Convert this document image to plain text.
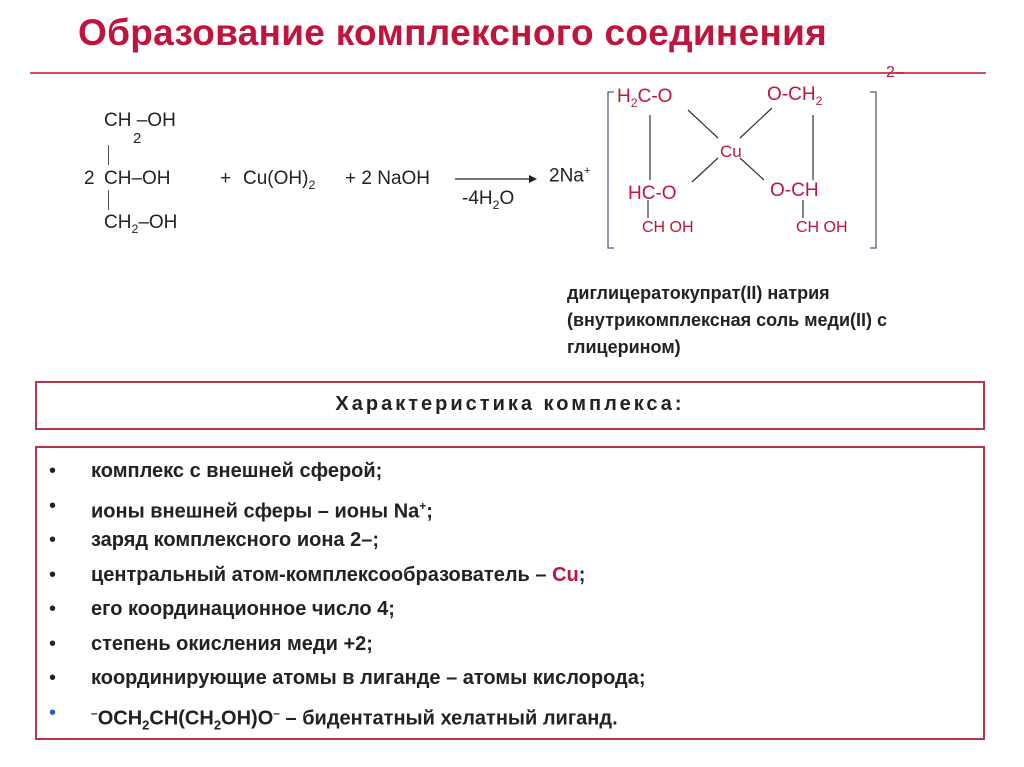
Образование комплексного соединения
CH –OH
2
2 CH–OH
$CH_2-OH$
+ $Cu(OH)_2 + 2$ NaOH
$-4H_2O$
2Na+
$H_2C-O$	$O-CH_2$
Cu
HC-O	O-CH
CH OH	CH OH
2–
диглицератокупрат(II) натрия
(внутрикомплексная соль меди(II) с
глицерином)
Характеристика комплекса:
• комплекс с внешней сферой;
• ионы внешней сферы – ионы Na+;
• заряд комплексного иона 2–;
• центральный атом-комплексообразователь – Cu;
• его координационное число 4;
• степень окисления меди +2;
• координирующие атомы в лиганде – атомы кислорода;
•	$^-OCH_2CH(CH_2OH)O^-$ – бидентатный хелатный лиганд.
